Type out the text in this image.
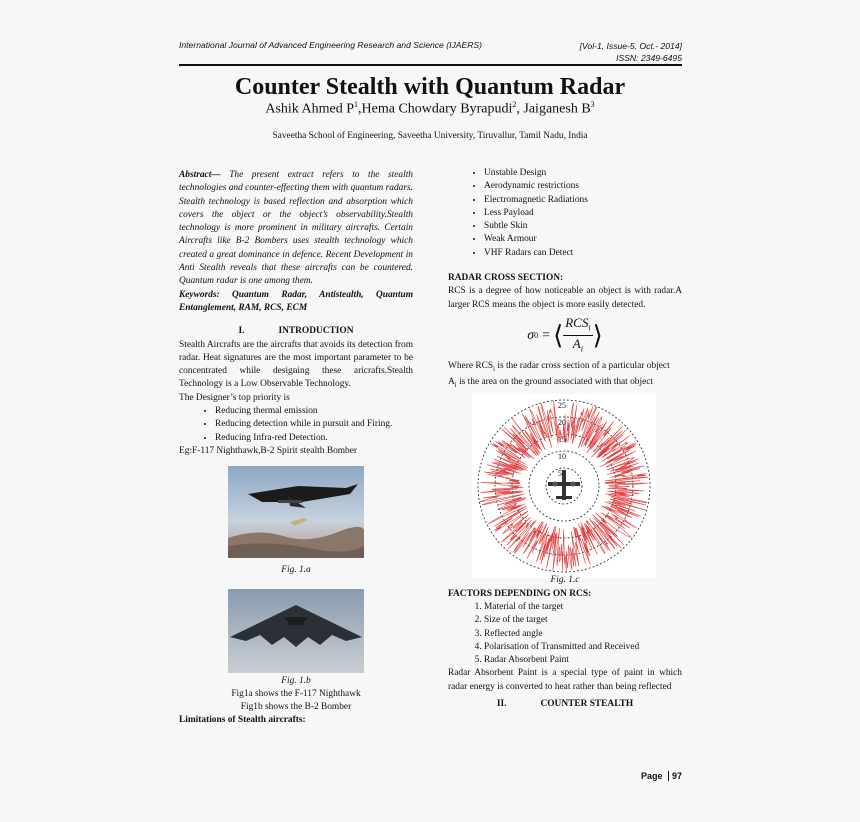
International Journal of Advanced Engineering Research and Science (IJAERS)	[Vol-1, Issue-5, Oct.- 2014]
ISSN: 2349-6495
Counter Stealth with Quantum Radar
Ashik Ahmed $P^1,Hema$ Chowdary Byrapudi$^2$, Jaiganesh $B^3$
Saveetha School of Engineering, Saveetha University, Tiruvallur, Tamil Nadu, India
Abstract— The present extract refers to the stealth technologies and counter-effecting them with quantum radars. Stealth technology is based reflection and absorption which covers the object or the object’s observability.Stealth technology is more prominent in military aircrafts. Certain Aircrafts like B-2 Bombers uses stealth technology which created a great dominance in defence. Recent Development in Anti Stealth reveals that these aircrafts can be countered. Quantum radar is one among them.
Keywords: Quantum Radar, Antistealth, Quantum Entanglement, RAM, RCS, ECM
I.	INTRODUCTION
Stealth Aircrafts are the aircrafts that avoids its detection from radar. Heat signatures are the most important parameter to be concentrated while designing these aricrafts.Stealth Technology is a Low Observable Technology.
The Designer’s top priority is
• Reducing thermal emission
• Reducing detection while in pursuit and Firing.
• Reducing Infra-red Detection.
Eg:F-117 Nighthawk,B-2 Spirit stealth Bomber
Fig. 1.a
Fig. 1.b
Fig1a shows the F-117 Nighthawk
Fig1b shows the B-2 Bomber
Limitations of Stealth aircrafts:
• Unstable Design
• Aerodynamic restrictions
• Electromagnetic Radiations
• Less Payload
• Subtle Skin
• Weak Armour
• VHF Radars can Detect
RADAR CROSS SECTION:
RCS is a degree of how noticeable an object is with radar.A larger RCS means the object is more easily detected.
σ 0 = ⟨ $RCS_i$
$A_i$ ⟩
Where $RCS_i$ is the radar cross section of a particular object
$A_i$ is the area on the ground associated with that object
25
20
15
10
5
Fig. 1.c
FACTORS DEPENDING ON RCS:
1. Material of the target
2. Size of the target
3. Reflected angle
4. Polarisation of Transmitted and Received
5. Radar Absorbent Paint
Radar Absorbent Paint is a special type of paint in which radar energy is converted to heat rather than being reflected
II.	COUNTER STEALTH
Page 97
